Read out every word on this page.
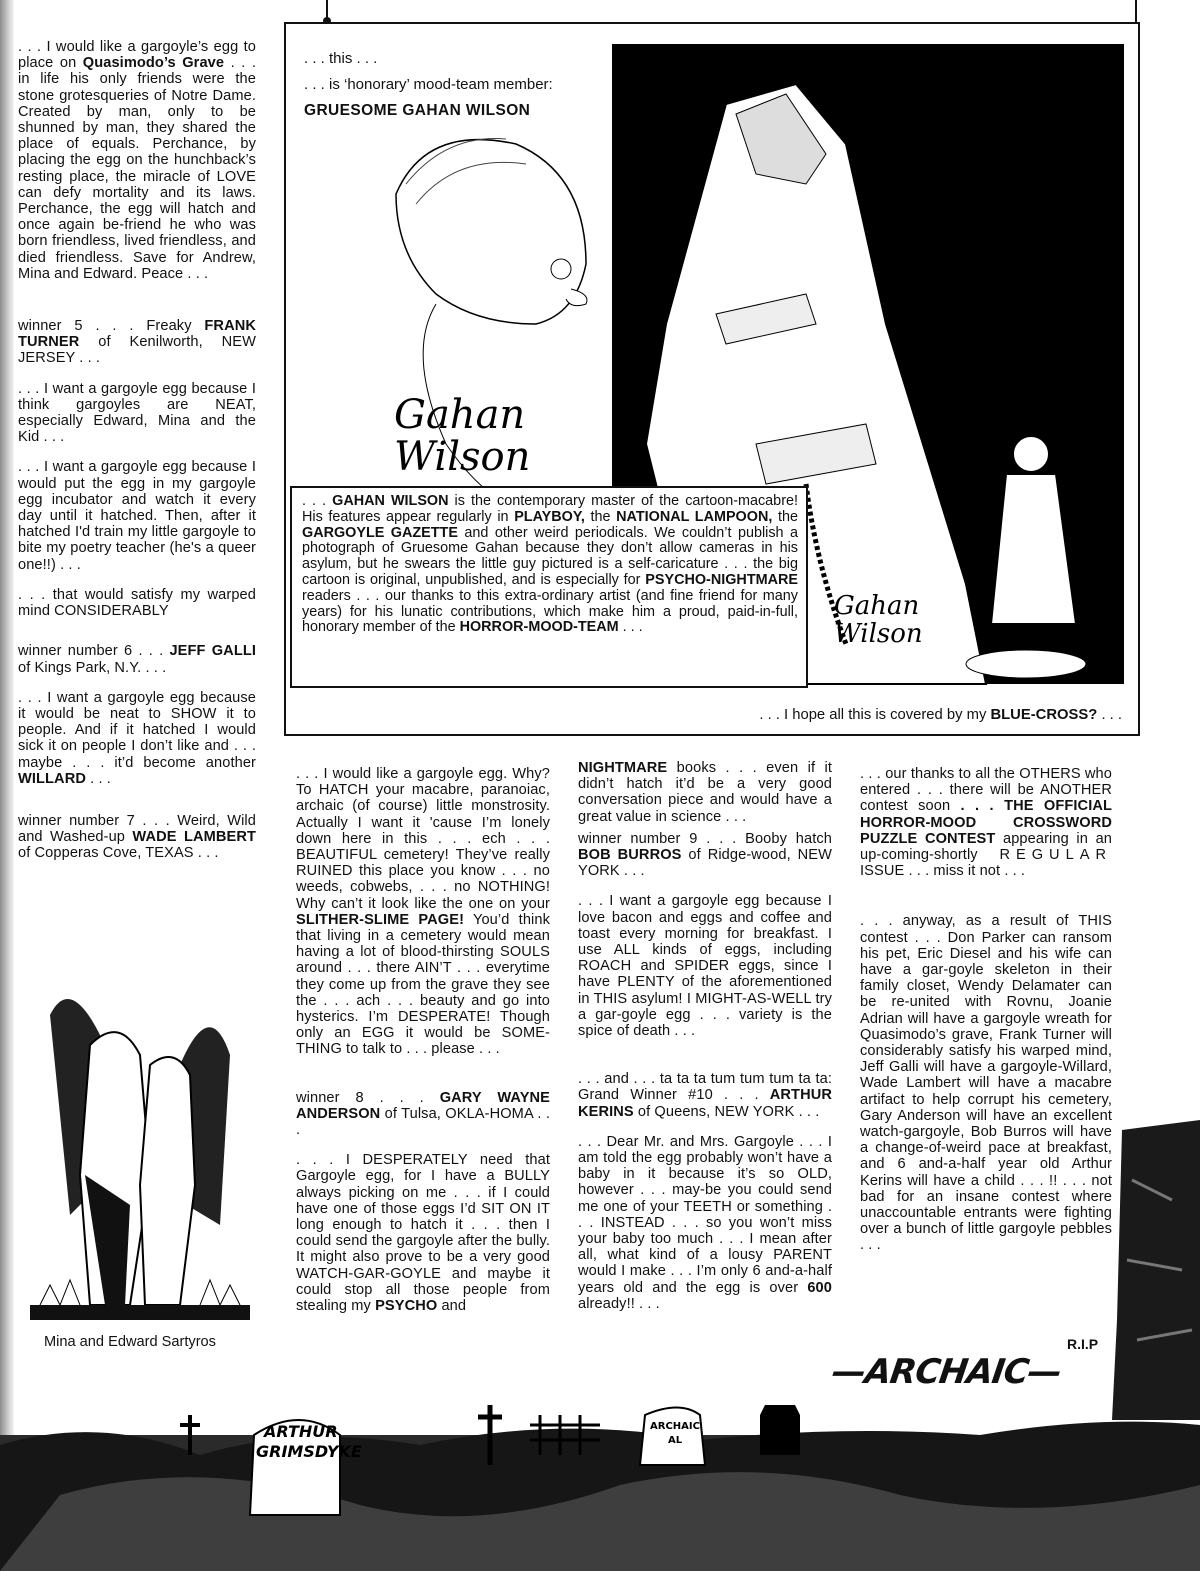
. . . this . . .
. . . is ‘honorary’ mood-team member:
GRUESOME GAHAN WILSON
Gahan Wilson
Gahan Wilson
. . . GAHAN WILSON is the contemporary master of the cartoon-macabre! His features appear regularly in PLAYBOY, the NATIONAL LAMPOON, the GARGOYLE GAZETTE and other weird periodicals. We couldn’t publish a photograph of Gruesome Gahan because they don’t allow cameras in his asylum, but he swears the little guy pictured is a self-caricature . . . the big cartoon is original, unpublished, and is especially for PSYCHO-NIGHTMARE readers . . . our thanks to this extra-ordinary artist (and fine friend for many years) for his lunatic contributions, which make him a proud, paid-in-full, honorary member of the HORROR-MOOD-TEAM . . .
. . . I hope all this is covered by my BLUE-CROSS? . . .

. . . I would like a gargoyle’s egg to place on Quasimodo’s Grave . . . in life his only friends were the stone grotesqueries of Notre Dame. Created by man, only to be shunned by man, they shared the place of equals. Perchance, by placing the egg on the hunchback’s resting place, the miracle of LOVE can defy mortality and its laws. Perchance, the egg will hatch and once again be-friend he who was born friendless, lived friendless, and died friendless. Save for Andrew, Mina and Edward. Peace . . .

winner 5 . . . Freaky FRANK TURNER of Kenilworth, NEW JERSEY . . .

. . . I want a gargoyle egg because I think gargoyles are NEAT, especially Edward, Mina and the Kid . . .

. . . I want a gargoyle egg because I would put the egg in my gargoyle egg incubator and watch it every day until it hatched. Then, after it hatched I'd train my little gargoyle to bite my poetry teacher (he's a queer one!!) . . .

. . . that would satisfy my warped mind CONSIDERABLY

winner number 6 . . . JEFF GALLI of Kings Park, N.Y. . . .

. . . I want a gargoyle egg because it would be neat to SHOW it to people. And if it hatched I would sick it on people I don’t like and . . . maybe . . . it’d become another WILLARD . . .

winner number 7 . . . Weird, Wild and Washed-up WADE LAMBERT of Copperas Cove, TEXAS . . .

Mina and Edward Sartyros

. . . I would like a gargoyle egg. Why? To HATCH your macabre, paranoiac, archaic (of course) little monstrosity. Actually I want it 'cause I’m lonely down here in this . . . ech . . . BEAUTIFUL cemetery! They’ve really RUINED this place you know . . . no weeds, cobwebs, . . . no NOTHING! Why can’t it look like the one on your SLITHER-SLIME PAGE! You’d think that living in a cemetery would mean having a lot of blood-thirsting SOULS around . . . there AIN’T . . . everytime they come up from the grave they see the . . . ach . . . beauty and go into hysterics. I’m DESPERATE! Though only an EGG it would be SOME-THING to talk to . . . please . . .

winner 8 . . . GARY WAYNE ANDERSON of Tulsa, OKLA-HOMA . . .

. . . I DESPERATELY need that Gargoyle egg, for I have a BULLY always picking on me . . . if I could have one of those eggs I’d SIT ON IT long enough to hatch it . . . then I could send the gargoyle after the bully. It might also prove to be a very good WATCH-GAR-GOYLE and maybe it could stop all those people from stealing my PSYCHO and

NIGHTMARE books . . . even if it didn’t hatch it’d be a very good conversation piece and would have a great value in science . . .

winner number 9 . . . Booby hatch BOB BURROS of Ridge-wood, NEW YORK . . .

. . . I want a gargoyle egg because I love bacon and eggs and coffee and toast every morning for breakfast. I use ALL kinds of eggs, including ROACH and SPIDER eggs, since I have PLENTY of the aforementioned in THIS asylum! I MIGHT-AS-WELL try a gar-goyle egg . . . variety is the spice of death . . .

. . . and . . . ta ta ta tum tum tum ta ta: Grand Winner #10 . . . ARTHUR KERINS of Queens, NEW YORK . . .

. . . Dear Mr. and Mrs. Gargoyle . . . I am told the egg probably won’t have a baby in it because it’s so OLD, however . . . may-be you could send me one of your TEETH or something . . . INSTEAD . . . so you won’t miss your baby too much . . . I mean after all, what kind of a lousy PARENT would I make . . . I’m only 6 and-a-half years old and the egg is over 600 already!! . . .

. . . our thanks to all the OTHERS who entered . . . there will be ANOTHER contest soon . . . THE OFFICIAL HORROR-MOOD CROSSWORD PUZZLE CONTEST appearing in an up-coming-shortly REGULAR ISSUE . . . miss it not . . .

. . . anyway, as a result of THIS contest . . . Don Parker can ransom his pet, Eric Diesel and his wife can have a gar-goyle skeleton in their family closet, Wendy Delamater can be re-united with Rovnu, Joanie Adrian will have a gargoyle wreath for Quasimodo’s grave, Frank Turner will considerably satisfy his warped mind, Jeff Galli will have a gargoyle-Willard, Wade Lambert will have a macabre artifact to help corrupt his cemetery, Gary Anderson will have an excellent watch-gargoyle, Bob Burros will have a change-of-weird pace at breakfast, and 6 and-a-half year old Arthur Kerins will have a child . . . !! . . . not bad for an insane contest where unaccountable entrants were fighting over a bunch of little gargoyle pebbles . . .

R.I.P
—ARCHAIC—
ARTHUR
GRIMSDYKE
ARCHAIC
AL
